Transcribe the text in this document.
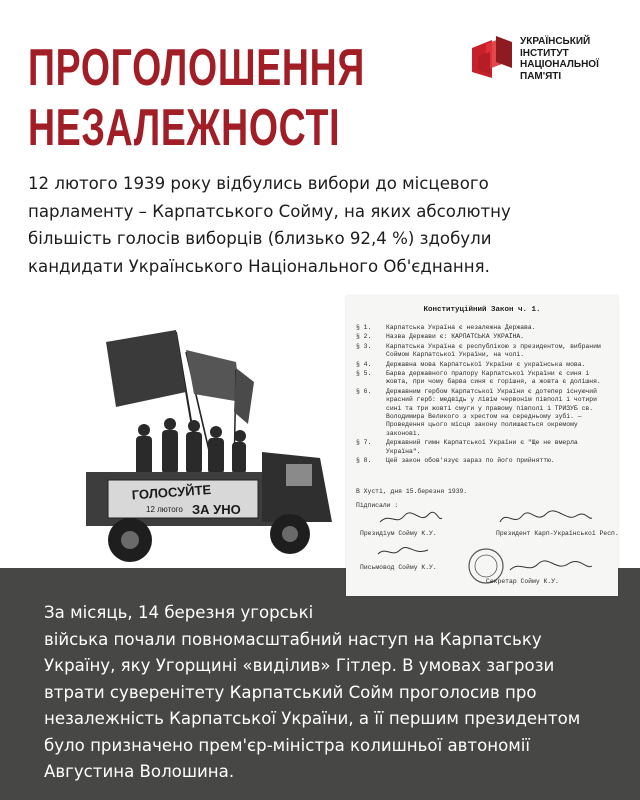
ПРОГОЛОШЕННЯ
НЕЗАЛЕЖНОСТІ
УКРАЇНСЬКИЙ
ІНСТИТУТ
НАЦІОНАЛЬНОЇ
ПАМ'ЯТІ
12 лютого 1939 року відбулись вибори до місцевого
парламенту – Карпатського Сойму, на яких абсолютну
більшість голосів виборців (близько 92,4 %) здобули
кандидати Українського Національного Об'єднання.
ГОЛОСУЙТЕ
12 лютого ЗА УНО
Конституційний Закон ч. 1.
§ 1. Карпатська Україна є незалежна Держава.
§ 2. Назва Держави є: КАРПАТСЬКА УКРАЇНА.
§ 3. Карпатська Україна є республікою з президентом, вибраним Соймом Карпатської України, на чолі.
§ 4. Державна мова Карпатської України є українська мова.
§ 5. Барва державного прапору Карпатської України є синя і жовта, при чому барва синя є горішня, а жовта є долішня.
§ 6. Державним гербом Карпатської України є дотепер існуючий красний герб: медвідь у лівім червонім півполі і чотири сині та три жовті смуги у правому півполі і ТРИЗУБ св. Володимира Великого з хрестом на середньому зубі. — Проведення цього місця закону полишається окремому законові.
§ 7. Державний гимн Карпатської України є "Ще не вмерла Україна".
§ 8. Цей закон обов'язує зараз по його прийняттю.
В Хусті, дня 15.березня 1939.
Підписали :
Президіум Сойму К.У.	Президент Карп-Української Респ.
Письмовод Сойму К.У.
Секретар Сойму К.У.
За місяць, 14 березня угорські
війська почали повномасштабний наступ на Карпатську
Україну, яку Угорщині «виділив» Гітлер. В умовах загрози
втрати суверенітету Карпатський Сойм проголосив про
незалежність Карпатської України, а її першим президентом
було призначено прем'єр-міністра колишньої автономії
Августина Волошина.
